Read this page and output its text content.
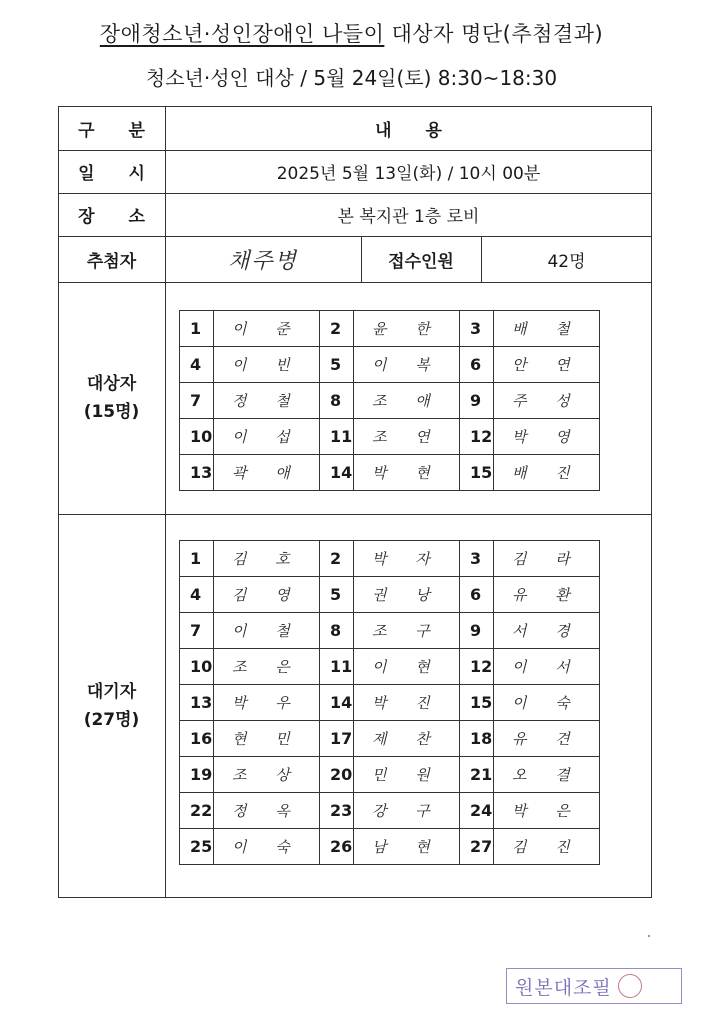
장애청소년·성인장애인 나들이 대상자 명단(추첨결과)
청소년·성인 대상 / 5월 24일(토) 8:30~18:30
구 분	내 용
일 시	2025년 5월 13일(화) / 10시 00분
장 소	본 복지관 1층 로비
추첨자	채주병	접수인원	42명
대상자
(15명)
1	이 준	2	윤 한	3	배 철
4	이 빈	5	이 복	6	안 연
7	정 철	8	조 애	9	주 성
10	이 섭	11	조 연	12	박 영
13	곽 애	14	박 현	15	배 진
대기자
(27명)
1	김 호	2	박 자	3	김 라
4	김 영	5	권 낭	6	유 환
7	이 철	8	조 구	9	서 경
10	조 은	11	이 현	12	이 서
13	박 우	14	박 진	15	이 숙
16	현 민	17	제 찬	18	유 견
19	조 상	20	민 원	21	오 결
22	정 옥	23	강 구	24	박 은
25	이 숙	26	남 현	27	김 진
원본대조필
